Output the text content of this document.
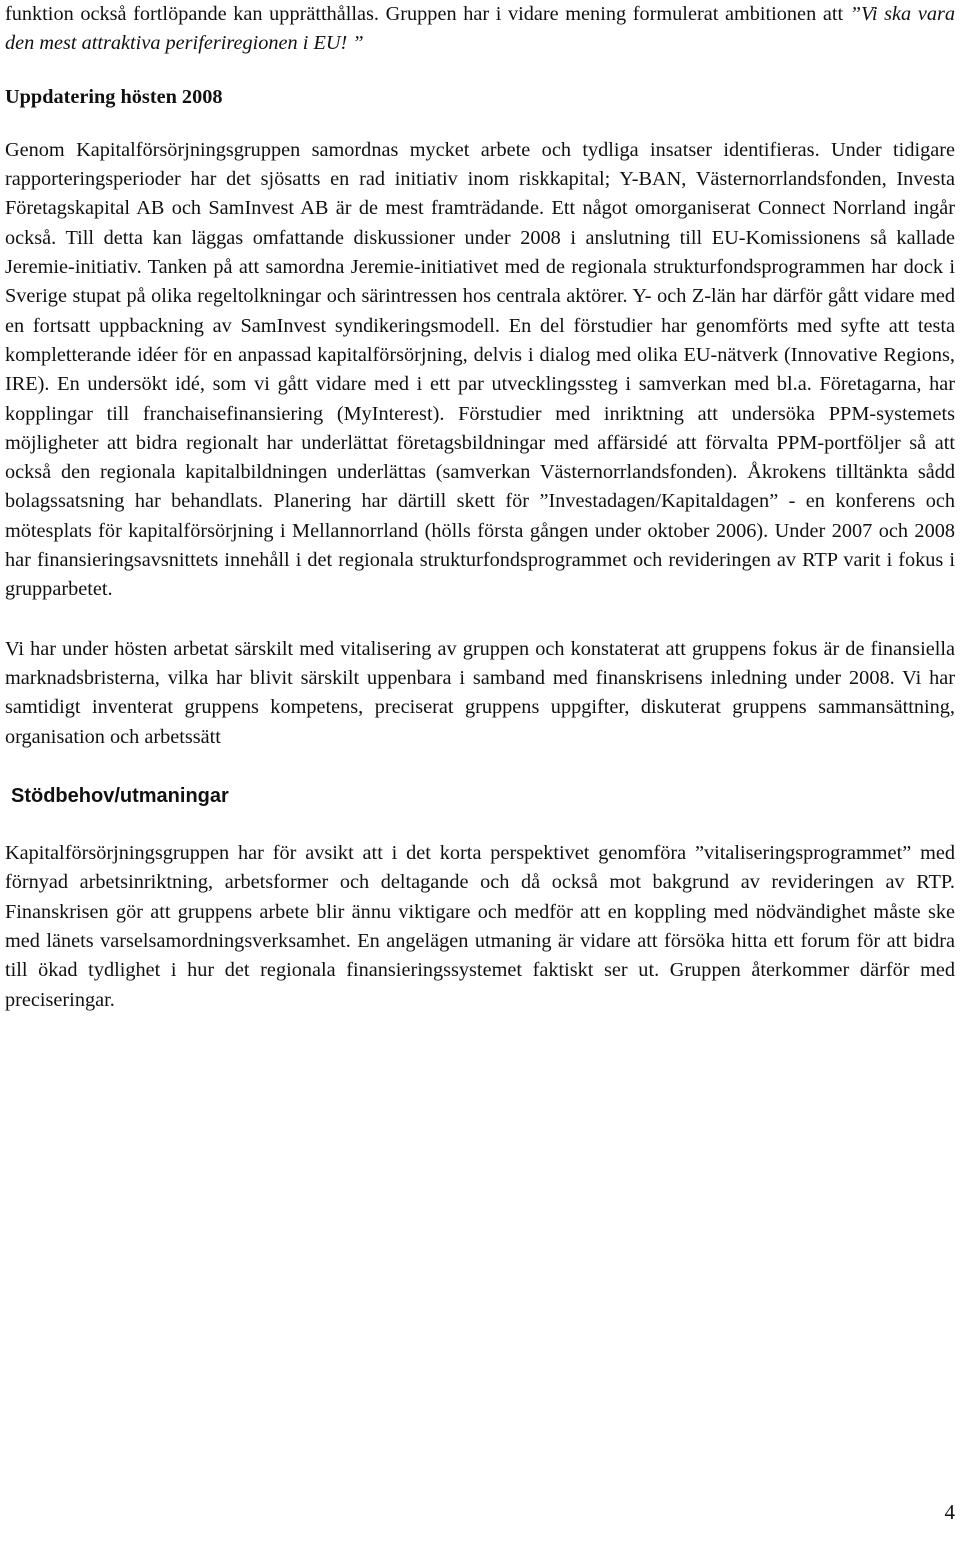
funktion också fortlöpande kan upprätthållas. Gruppen har i vidare mening formulerat ambitionen att ”Vi ska vara den mest attraktiva periferiregionen i EU! ”

Uppdatering hösten 2008

Genom Kapitalförsörjningsgruppen samordnas mycket arbete och tydliga insatser identifieras. Under tidigare rapporteringsperioder har det sjösatts en rad initiativ inom riskkapital; Y-BAN, Västernorrlandsfonden, Investa Företagskapital AB och SamInvest AB är de mest framträdande. Ett något omorganiserat Connect Norrland ingår också. Till detta kan läggas omfattande diskussioner under 2008 i anslutning till EU-Komissionens så kallade Jeremie-initiativ. Tanken på att samordna Jeremie-initiativet med de regionala strukturfondsprogrammen har dock i Sverige stupat på olika regeltolkningar och särintressen hos centrala aktörer. Y- och Z-län har därför gått vidare med en fortsatt uppbackning av SamInvest syndikeringsmodell. En del förstudier har genomförts med syfte att testa kompletterande idéer för en anpassad kapitalförsörjning, delvis i dialog med olika EU-nätverk (Innovative Regions, IRE). En undersökt idé, som vi gått vidare med i ett par utvecklingssteg i samverkan med bl.a. Företagarna, har kopplingar till franchaisefinansiering (MyInterest). Förstudier med inriktning att undersöka PPM-systemets möjligheter att bidra regionalt har underlättat företagsbildningar med affärsidé att förvalta PPM-portföljer så att också den regionala kapitalbildningen underlättas (samverkan Västernorrlandsfonden). Åkrokens tilltänkta sådd bolagssatsning har behandlats. Planering har därtill skett för ”Investadagen/Kapitaldagen” - en konferens och mötesplats för kapitalförsörjning i Mellannorrland (hölls första gången under oktober 2006). Under 2007 och 2008 har finansieringsavsnittets innehåll i det regionala strukturfondsprogrammet och revideringen av RTP varit i fokus i grupparbetet.

Vi har under hösten arbetat särskilt med vitalisering av gruppen och konstaterat att gruppens fokus är de finansiella marknadsbristerna, vilka har blivit särskilt uppenbara i samband med finanskrisens inledning under 2008. Vi har samtidigt inventerat gruppens kompetens, preciserat gruppens uppgifter, diskuterat gruppens sammansättning, organisation och arbetssätt

Stödbehov/utmaningar

Kapitalförsörjningsgruppen har för avsikt att i det korta perspektivet genomföra ”vitaliseringsprogrammet” med förnyad arbetsinriktning, arbetsformer och deltagande och då också mot bakgrund av revideringen av RTP. Finanskrisen gör att gruppens arbete blir ännu viktigare och medför att en koppling med nödvändighet måste ske med länets varselsamordningsverksamhet. En angelägen utmaning är vidare att försöka hitta ett forum för att bidra till ökad tydlighet i hur det regionala finansieringssystemet faktiskt ser ut. Gruppen återkommer därför med preciseringar.

4
